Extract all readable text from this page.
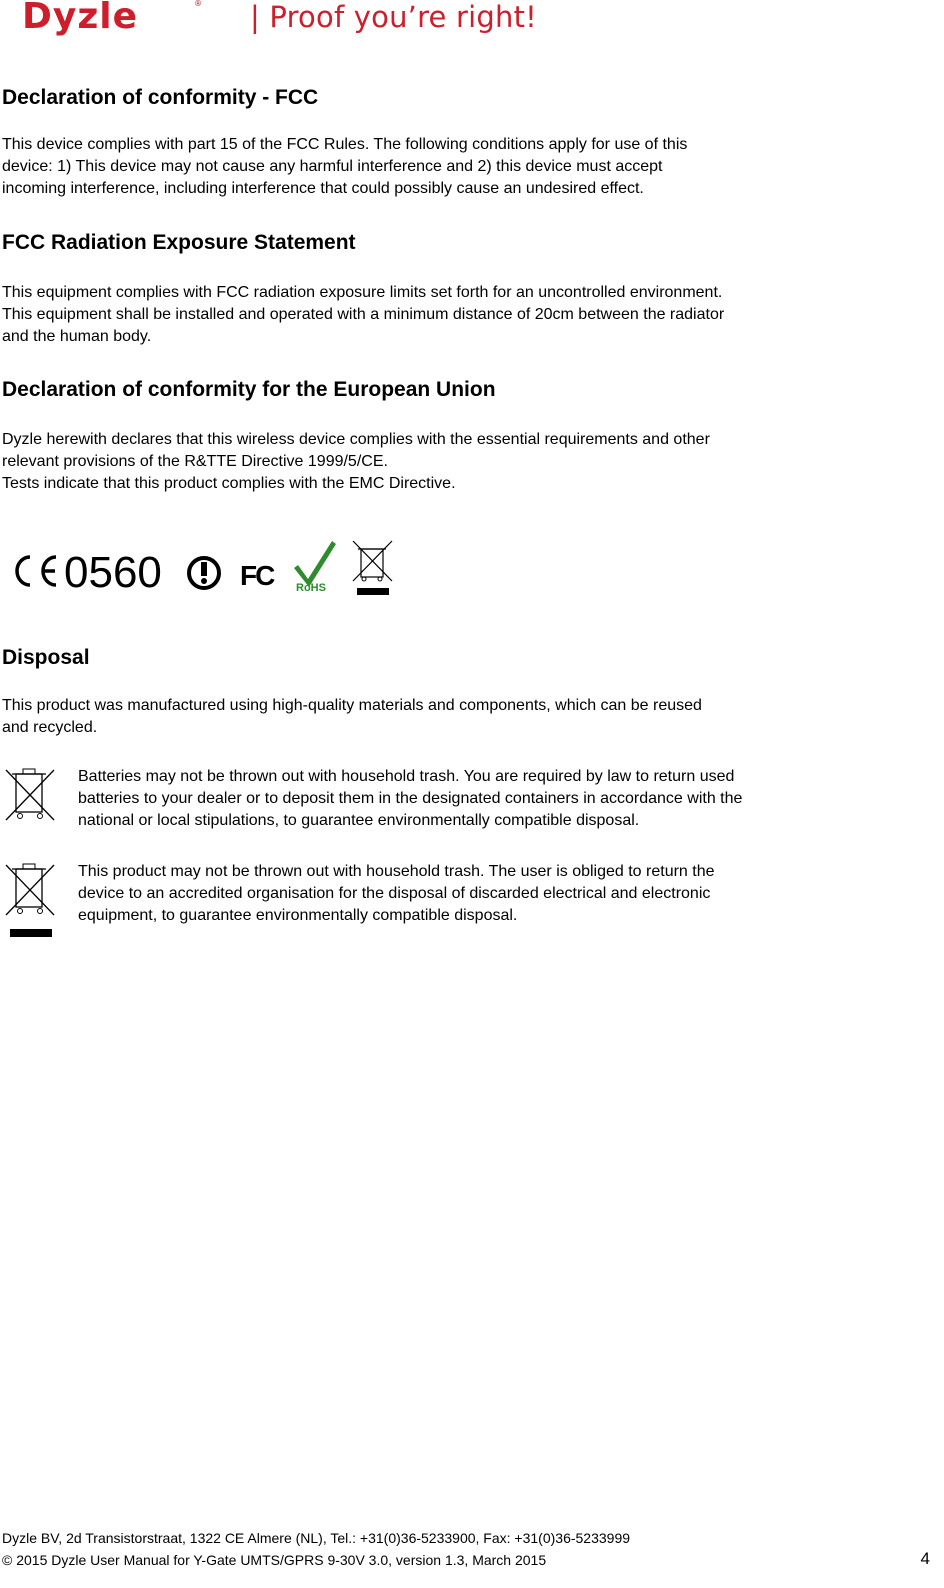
Dyzle	® | Proof you’re right!
Declaration of conformity - FCC
This device complies with part 15 of the FCC Rules. The following conditions apply for use of this
device: 1) This device may not cause any harmful interference and 2) this device must accept
incoming interference, including interference that could possibly cause an undesired effect.
FCC Radiation Exposure Statement
This equipment complies with FCC radiation exposure limits set forth for an uncontrolled environment.
This equipment shall be installed and operated with a minimum distance of 20cm between the radiator
and the human body.
Declaration of conformity for the European Union
Dyzle herewith declares that this wireless device complies with the essential requirements and other
relevant provisions of the R&TTE Directive 1999/5/CE.
Tests indicate that this product complies with the EMC Directive.
0560	FC RoHS
Disposal
This product was manufactured using high-quality materials and components, which can be reused
and recycled.
Batteries may not be thrown out with household trash. You are required by law to return used
batteries to your dealer or to deposit them in the designated containers in accordance with the
national or local stipulations, to guarantee environmentally compatible disposal.
This product may not be thrown out with household trash. The user is obliged to return the
device to an accredited organisation for the disposal of discarded electrical and electronic
equipment, to guarantee environmentally compatible disposal.
Dyzle BV, 2d Transistorstraat, 1322 CE Almere (NL), Tel.: +31(0)36-5233900, Fax: +31(0)36-5233999
© 2015 Dyzle User Manual for Y-Gate UMTS/GPRS 9-30V 3.0, version 1.3, March 2015	4
